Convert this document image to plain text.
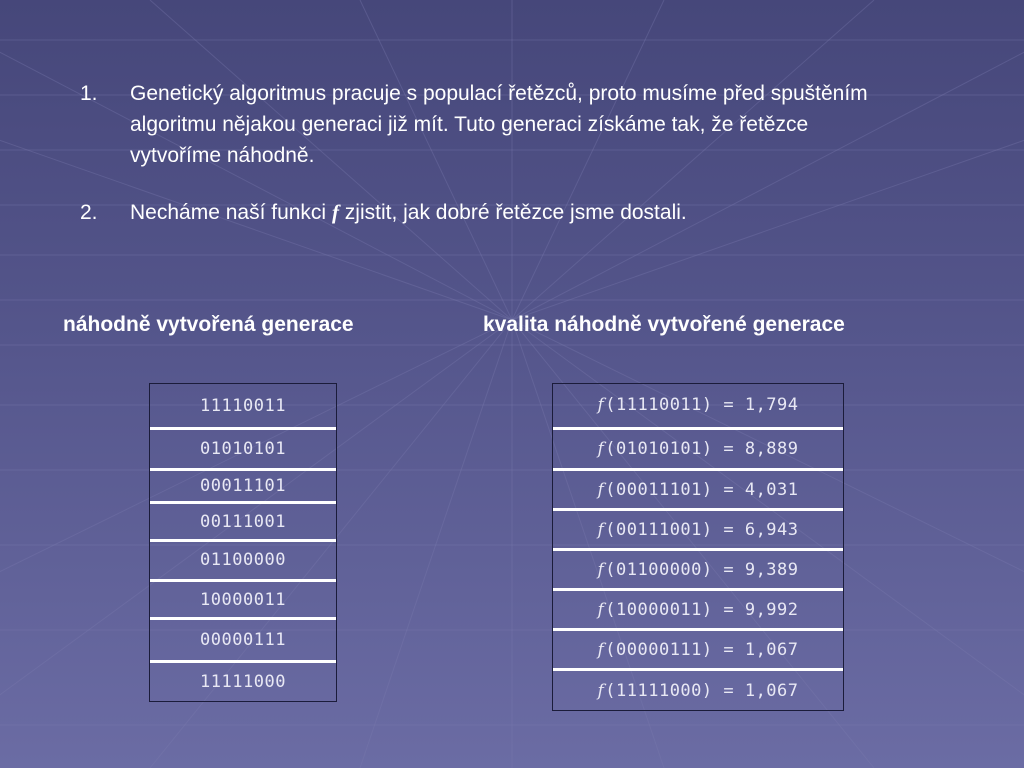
1.	Genetický algoritmus pracuje s populací řetězců, proto musíme před spuštěním algoritmu nějakou generaci již mít. Tuto generaci získáme tak, že řetězce vytvoříme náhodně.
2.	Necháme naší funkci f zjistit, jak dobré řetězce jsme dostali.
náhodně vytvořená generace	kvalita náhodně vytvořené generace
11110011
01010101
00011101
00111001
01100000
10000011
00000111
11111000
f (11110011) = 1,794
f (01010101) = 8,889
f (00011101) = 4,031
f (00111001) = 6,943
f (01100000) = 9,389
f (10000011) = 9,992
f (00000111) = 1,067
f (11111000) = 1,067
